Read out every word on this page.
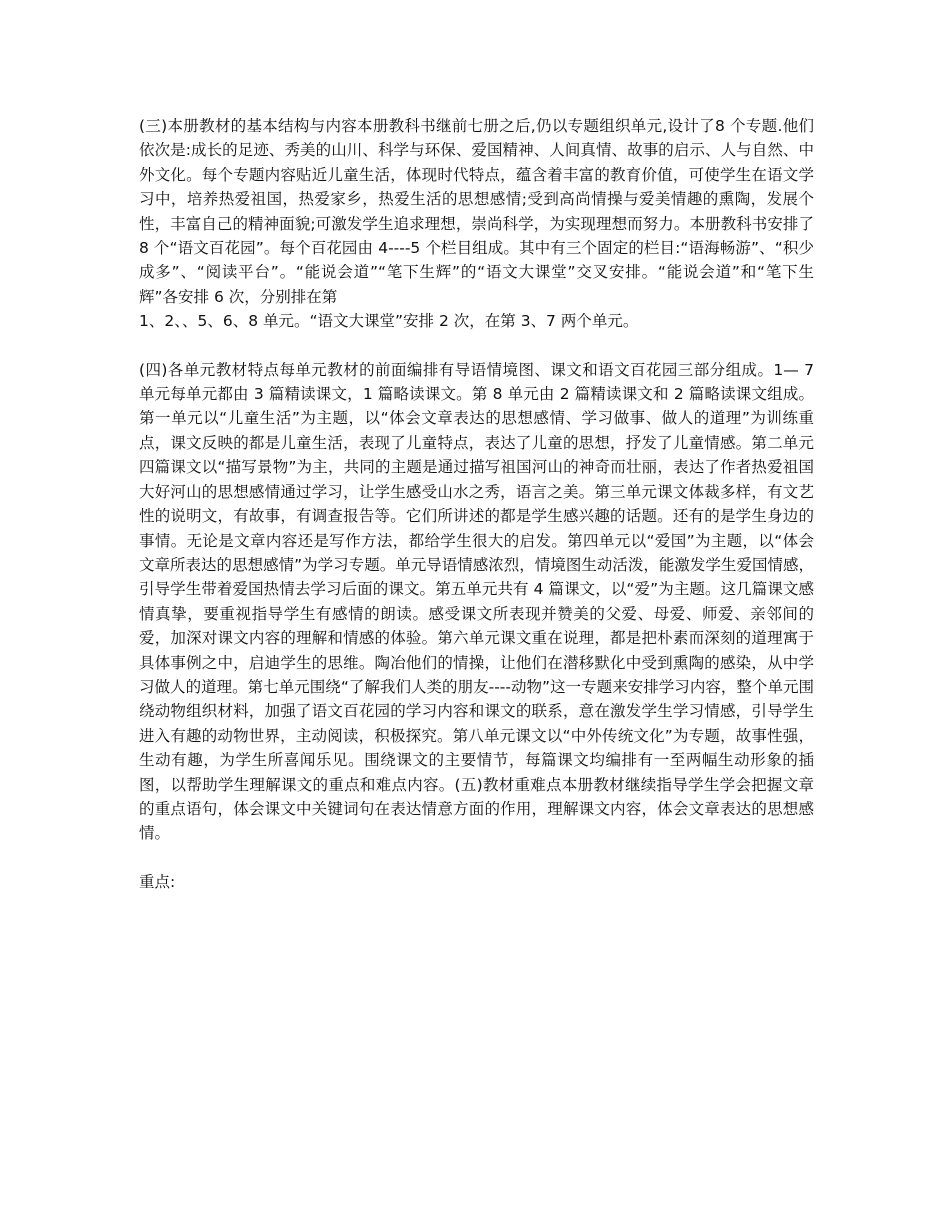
(三)本册教材的基本结构与内容本册教科书继前七册之后,仍以专题组织单元,设计了8 个专题.他们依次是:成长的足迹、秀美的山川、科学与环保、爱国精神、人间真情、故事的启示、人与自然、中外文化。每个专题内容贴近儿童生活，体现时代特点，蕴含着丰富的教育价值，可使学生在语文学习中，培养热爱祖国，热爱家乡，热爱生活的思想感情;受到高尚情操与爱美情趣的熏陶，发展个性，丰富自己的精神面貌;可激发学生追求理想，崇尚科学，为实现理想而努力。本册教科书安排了 8 个“语文百花园”。每个百花园由 4----5 个栏目组成。其中有三个固定的栏目:“语海畅游”、“积少成多”、“阅读平台”。“能说会道”“笔下生辉”的“语文大课堂”交叉安排。“能说会道”和“笔下生辉”各安排 6 次，分别排在第
1、2、、5、6、8 单元。“语文大课堂”安排 2 次，在第 3、7 两个单元。

(四)各单元教材特点每单元教材的前面编排有导语情境图、课文和语文百花园三部分组成。1— 7 单元每单元都由 3 篇精读课文，1 篇略读课文。第 8 单元由 2 篇精读课文和 2 篇略读课文组成。第一单元以“儿童生活”为主题，以“体会文章表达的思想感情、学习做事、做人的道理”为训练重点，课文反映的都是儿童生活，表现了儿童特点，表达了儿童的思想，抒发了儿童情感。第二单元四篇课文以“描写景物”为主，共同的主题是通过描写祖国河山的神奇而壮丽，表达了作者热爱祖国大好河山的思想感情通过学习，让学生感受山水之秀，语言之美。第三单元课文体裁多样，有文艺性的说明文，有故事，有调查报告等。它们所讲述的都是学生感兴趣的话题。还有的是学生身边的事情。无论是文章内容还是写作方法，都给学生很大的启发。第四单元以“爱国”为主题，以“体会文章所表达的思想感情”为学习专题。单元导语情感浓烈，情境图生动活泼，能激发学生爱国情感，引导学生带着爱国热情去学习后面的课文。第五单元共有 4 篇课文，以“爱”为主题。这几篇课文感情真挚，要重视指导学生有感情的朗读。感受课文所表现并赞美的父爱、母爱、师爱、亲邻间的爱，加深对课文内容的理解和情感的体验。第六单元课文重在说理，都是把朴素而深刻的道理寓于具体事例之中，启迪学生的思维。陶冶他们的情操，让他们在潜移默化中受到熏陶的感染，从中学习做人的道理。第七单元围绕“了解我们人类的朋友----动物”这一专题来安排学习内容，整个单元围绕动物组织材料，加强了语文百花园的学习内容和课文的联系，意在激发学生学习情感，引导学生进入有趣的动物世界，主动阅读，积极探究。第八单元课文以“中外传统文化”为专题，故事性强，生动有趣，为学生所喜闻乐见。围绕课文的主要情节，每篇课文均编排有一至两幅生动形象的插图，以帮助学生理解课文的重点和难点内容。(五)教材重难点本册教材继续指导学生学会把握文章的重点语句，体会课文中关键词句在表达情意方面的作用，理解课文内容，体会文章表达的思想感情。

重点:
